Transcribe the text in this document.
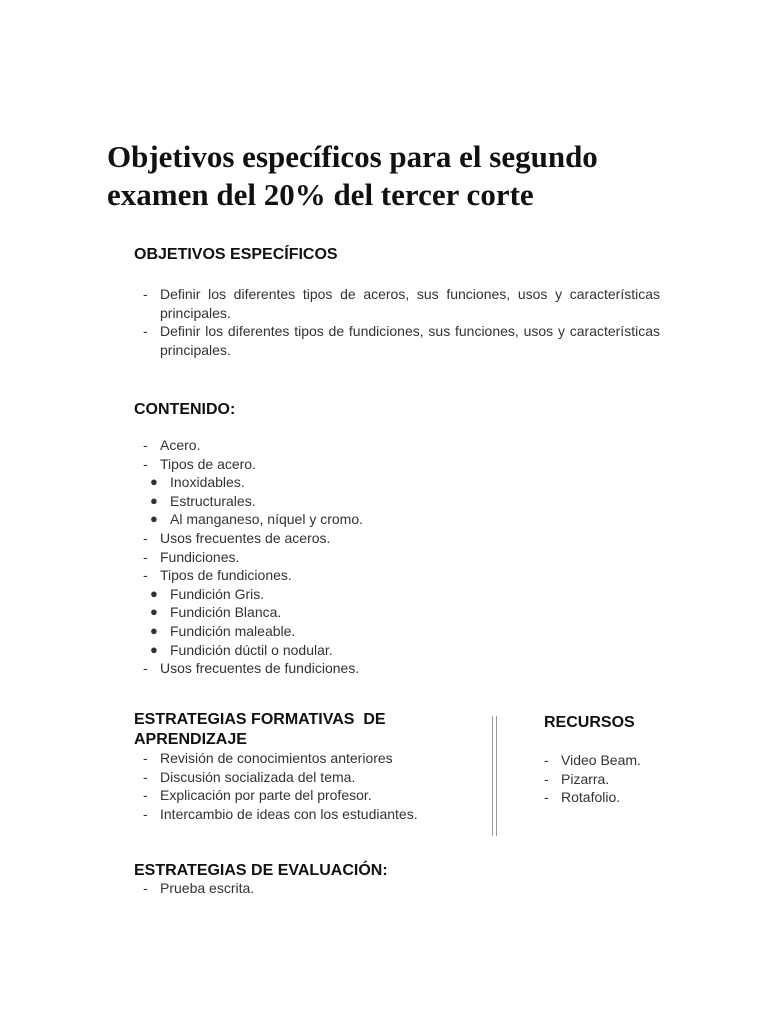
Objetivos específicos para el segundo
examen del 20% del tercer corte
OBJETIVOS ESPECÍFICOS
- Definir los diferentes tipos de aceros, sus funciones, usos y características principales.
- Definir los diferentes tipos de fundiciones, sus funciones, usos y características principales.
CONTENIDO:
- Acero.
- Tipos de acero.
● Inoxidables.
● Estructurales.
● Al manganeso, níquel y cromo.
- Usos frecuentes de aceros.
- Fundiciones.
- Tipos de fundiciones.
● Fundición Gris.
● Fundición Blanca.
● Fundición maleable.
● Fundición dúctil o nodular.
- Usos frecuentes de fundiciones.
ESTRATEGIAS FORMATIVAS  DE
APRENDIZAJE
- Revisión de conocimientos anteriores
- Discusión socializada del tema.
- Explicación por parte del profesor.
- Intercambio de ideas con los estudiantes.
RECURSOS
- Video Beam.
- Pizarra.
- Rotafolio.
ESTRATEGIAS DE EVALUACIÓN:
- Prueba escrita.
